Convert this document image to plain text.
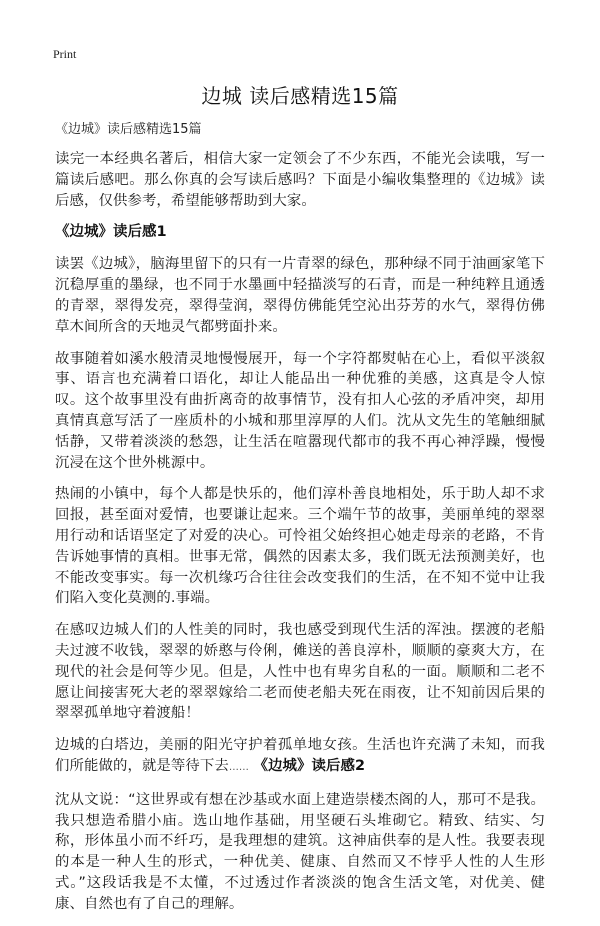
Print
边城 读后感精选15篇

《边城》读后感精选15篇

读完一本经典名著后，相信大家一定领会了不少东西，不能光会读哦，写一篇读后感吧。那么你真的会写读后感吗？下面是小编收集整理的《边城》读后感，仅供参考，希望能够帮助到大家。

《边城》读后感1

读罢《边城》，脑海里留下的只有一片青翠的绿色，那种绿不同于油画家笔下沉稳厚重的墨绿，也不同于水墨画中轻描淡写的石青，而是一种纯粹且通透的青翠，翠得发亮，翠得莹润，翠得仿佛能凭空沁出芬芳的水气，翠得仿佛草木间所含的天地灵气都劈面扑来。

故事随着如溪水般清灵地慢慢展开，每一个字符都熨帖在心上，看似平淡叙事、语言也充满着口语化，却让人能品出一种优雅的美感，这真是令人惊叹。这个故事里没有曲折离奇的故事情节，没有扣人心弦的矛盾冲突，却用真情真意写活了一座质朴的小城和那里淳厚的人们。沈从文先生的笔触细腻恬静，又带着淡淡的愁怨，让生活在喧嚣现代都市的我不再心神浮躁，慢慢沉浸在这个世外桃源中。

热闹的小镇中，每个人都是快乐的，他们淳朴善良地相处，乐于助人却不求回报，甚至面对爱情，也要谦让起来。三个端午节的故事，美丽单纯的翠翠用行动和话语坚定了对爱的决心。可怜祖父始终担心她走母亲的老路，不肯告诉她事情的真相。世事无常，偶然的因素太多，我们既无法预测美好，也不能改变事实。每一次机缘巧合往往会改变我们的生活，在不知不觉中让我们陷入变化莫测的.事端。

在感叹边城人们的人性美的同时，我也感受到现代生活的浑浊。摆渡的老船夫过渡不收钱，翠翠的娇憨与伶俐，傩送的善良淳朴，顺顺的豪爽大方，在现代的社会是何等少见。但是，人性中也有卑劣自私的一面。顺顺和二老不愿让间接害死大老的翠翠嫁给二老而使老船夫死在雨夜，让不知前因后果的翠翠孤单地守着渡船！

边城的白塔边，美丽的阳光守护着孤单地女孩。生活也许充满了未知，而我们所能做的，就是等待下去…… 《边城》读后感2

沈从文说：“这世界或有想在沙基或水面上建造崇楼杰阁的人，那可不是我。我只想造希腊小庙。选山地作基础，用坚硬石头堆砌它。精致、结实、匀称，形体虽小而不纤巧，是我理想的建筑。这神庙供奉的是人性。我要表现的本是一种人生的形式，一种优美、健康、自然而又不悖乎人性的人生形式。”这段话我是不太懂，不过透过作者淡淡的饱含生活文笔，对优美、健康、自然也有了自己的理解。
